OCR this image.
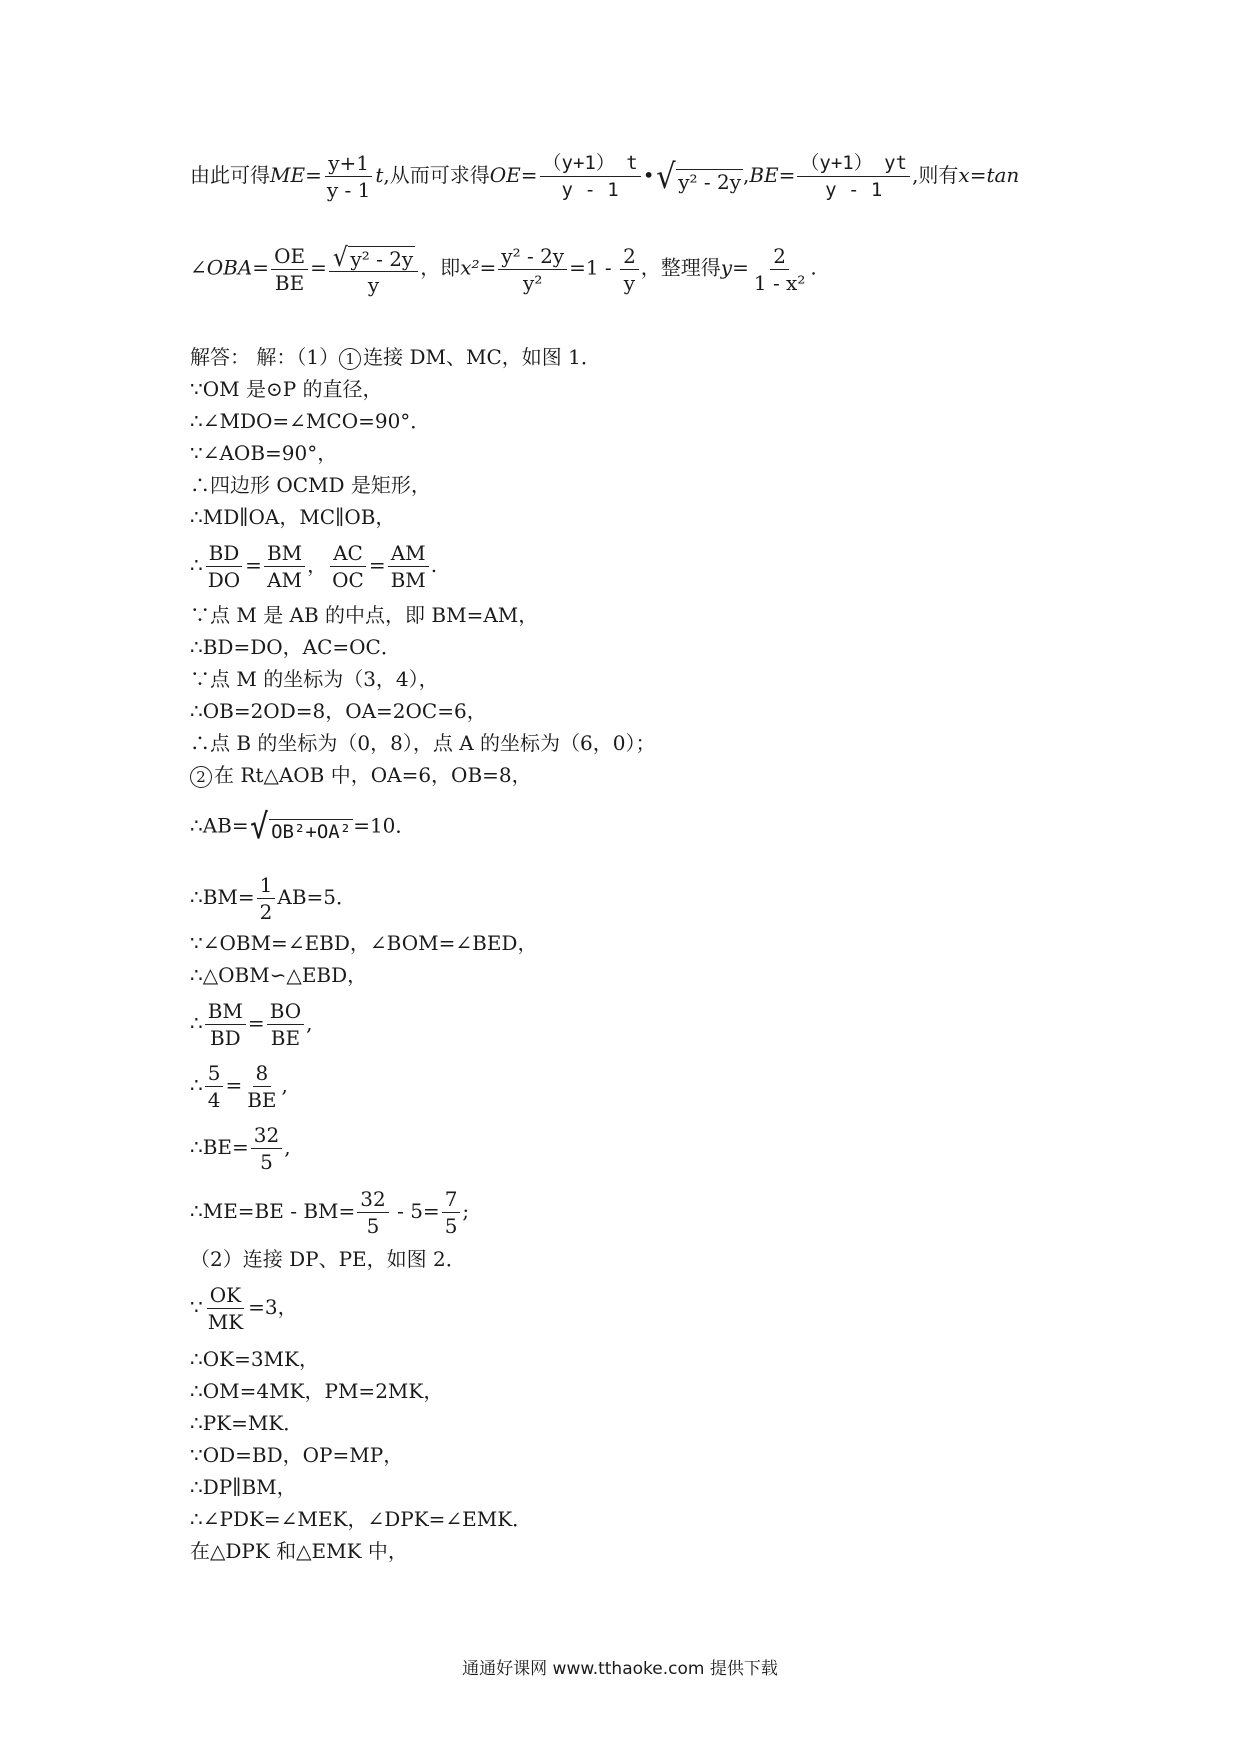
由此可得$ME= \frac{y+1}{y - 1} t$,从而可求得$OE= \frac{(y+1) t}{y - 1}$ • √ y² - 2y $,BE= \frac{(y+1) yt}{y - 1}$ ,则有x=tan
∠OBA= $\frac{OE}{BE} = \frac{\text{√ y² - 2y}}{y}$ ，即$x^2= \frac{\text{y² - 2y}}{\text{y²}} =1 - \frac{2}{y}$ ，整理得$y= \frac{2}{\text{1 - x²}}$ .
解答： 解：（1） 1 连接 DM、MC，如图 1．
∵OM 是⊙P 的直径，
∴∠MDO=∠MCO=90°．
∵∠AOB=90°，
∴四边形 OCMD 是矩形，
∴MD∥OA，MC∥OB，
∴ $\frac{BD}{DO} = \frac{BM}{AM}$ ， $\frac{AC}{OC} = \frac{AM}{BM}$ .
∵点 M 是 AB 的中点，即 BM=AM，
∴BD=DO，AC=OC．
∵点 M 的坐标为（3，4），
∴OB=2OD=8，OA=2OC=6，
∴点 B 的坐标为（0，8），点 A 的坐标为（6，0）；
2 在 Rt△AOB 中，OA=6，OB=8，
∴AB= √ OB²+OA² =10．
∴BM= $\frac{1}{2} AB=5$．
∵∠OBM=∠EBD，∠BOM=∠BED，
∴△OBM∽△EBD，
∴ $\frac{BM}{BD} = \frac{BO}{BE}$ ,
∴ $\frac{5}{4} = \frac{8}{BE}$ ,
∴BE= $\frac{32}{5}$ ,
∴ME=BE - $BM= \frac{32}{5} - 5= \frac{7}{5}$ ;
（2）连接 DP、PE，如图 2．
∵ $\frac{OK}{MK} =3$，
∴OK=3MK，
∴OM=4MK，PM=2MK，
∴PK=MK．
∵OD=BD，OP=MP，
∴DP∥BM，
∴∠PDK=∠MEK，∠DPK=∠EMK．
在△DPK 和△EMK 中，
通通好课网 www.tthaoke.com 提供下载
